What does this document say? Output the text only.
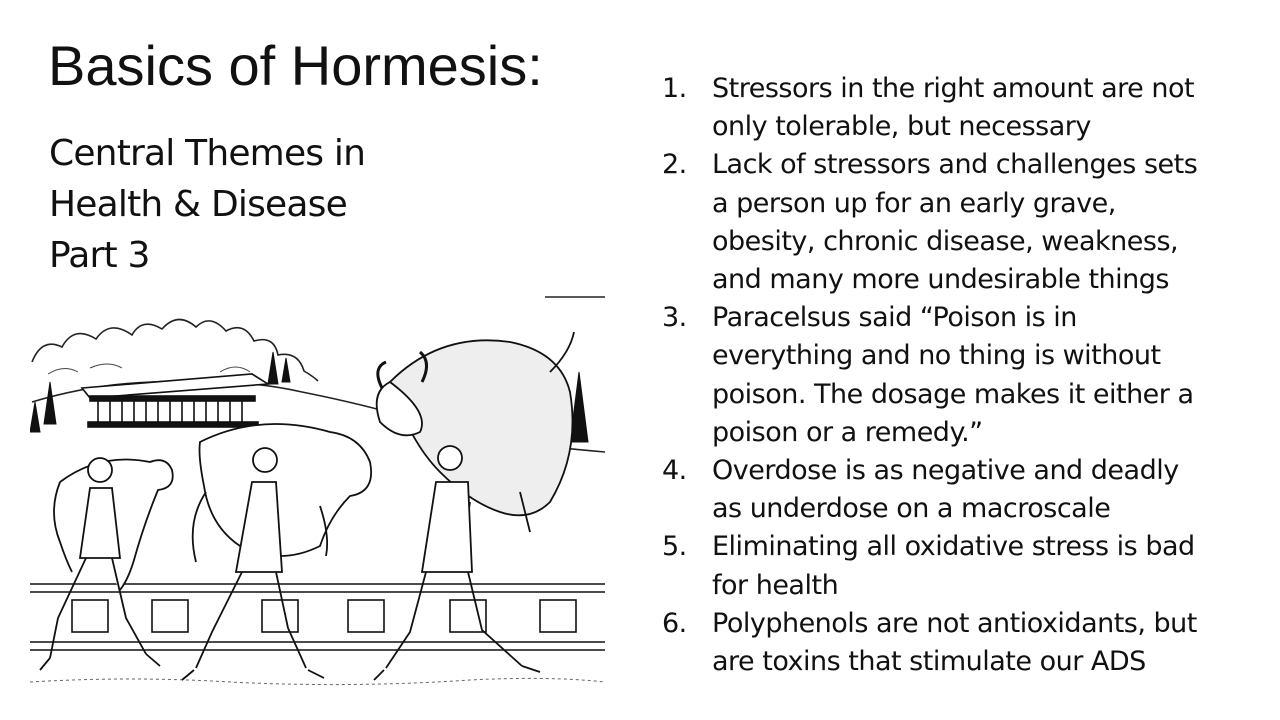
Basics of Hormesis:
Central Themes in
Health & Disease
Part 3
1. Stressors in the right amount are not
only tolerable, but necessary
2. Lack of stressors and challenges sets
a person up for an early grave,
obesity, chronic disease, weakness,
and many more undesirable things
3. Paracelsus said “Poison is in
everything and no thing is without
poison. The dosage makes it either a
poison or a remedy.”
4. Overdose is as negative and deadly
as underdose on a macroscale
5. Eliminating all oxidative stress is bad
for health
6. Polyphenols are not antioxidants, but
are toxins that stimulate our ADS
